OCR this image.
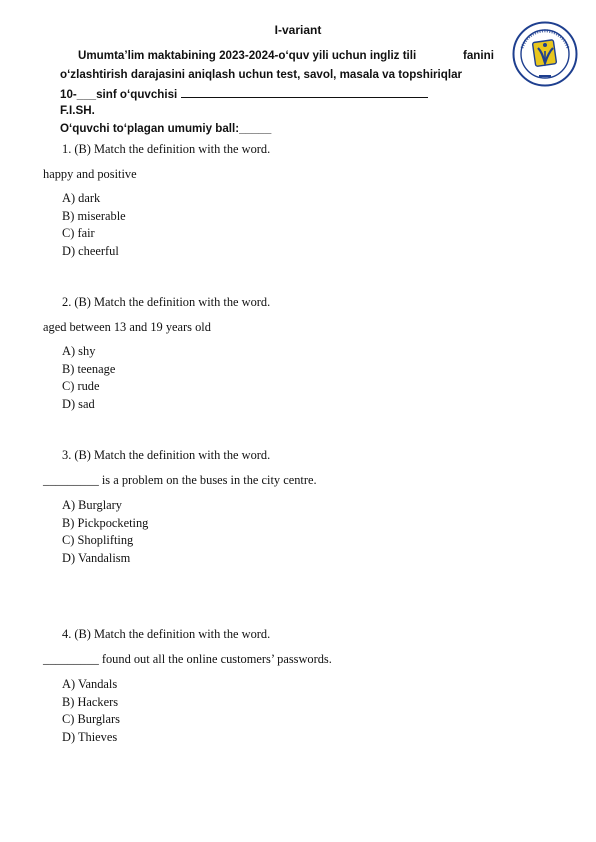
I-variant
Umumta’lim maktabining 2023-2024-o‘quv yili uchun ingliz tili	fanini
o‘zlashtirish darajasini aniqlash uchun test, savol, masala va topshiriqlar
10-___sinf o‘quvchisi
F.I.SH.
O‘quvchi to‘plagan umumiy ball:_____
1. (B) Match the definition with the word.
happy and positive
A) dark
B) miserable
C) fair
D) cheerful
2. (B) Match the definition with the word.
aged between 13 and 19 years old
A) shy
B) teenage
C) rude
D) sad
3. (B) Match the definition with the word.
_________ is a problem on the buses in the city centre.
A) Burglary
B) Pickpocketing
C) Shoplifting
D) Vandalism
4. (B) Match the definition with the word.
_________ found out all the online customers’ passwords.
A) Vandals
B) Hackers
C) Burglars
D) Thieves
